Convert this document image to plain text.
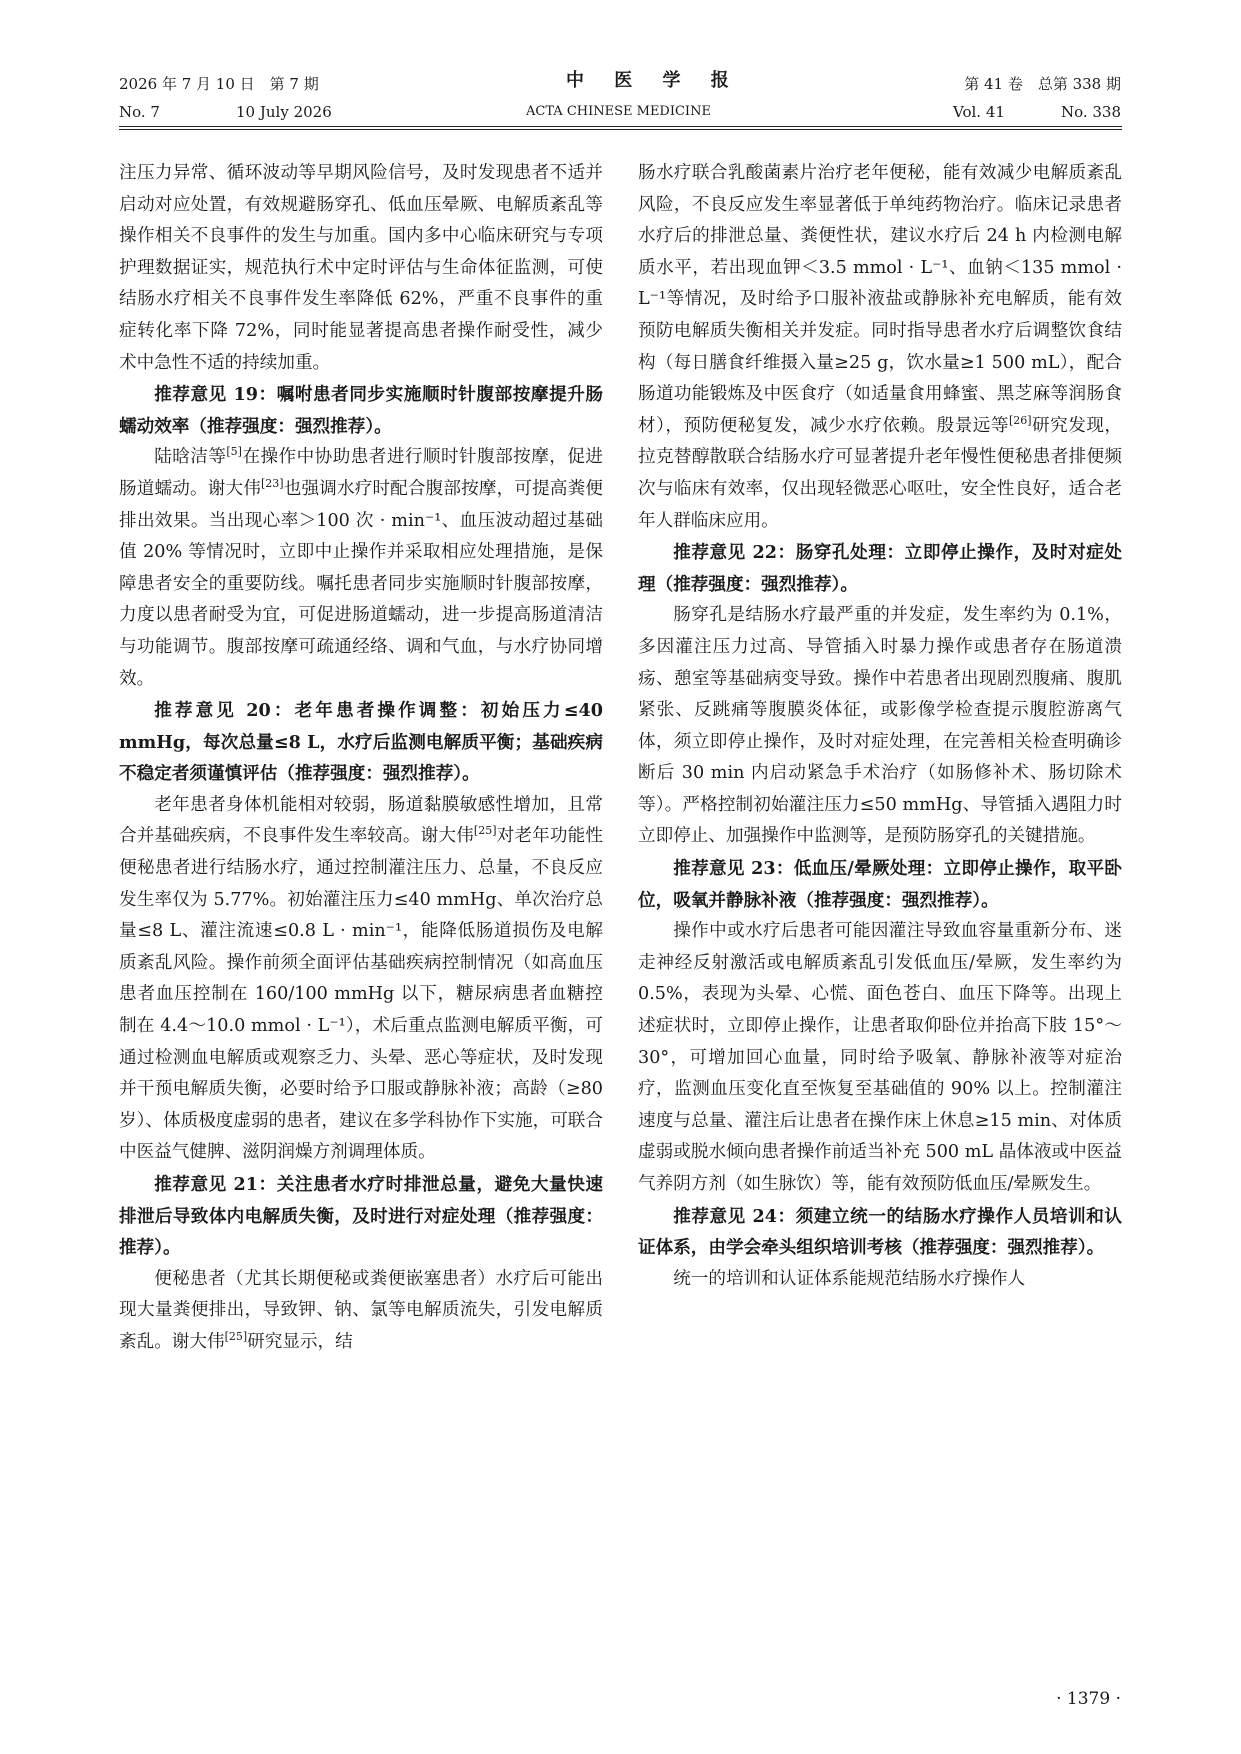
2026 年 7 月 10 日　第 7 期
No. 7	10 July 2026
中 医 学 报
ACTA CHINESE MEDICINE
第 41 卷　总第 338 期
Vol. 41	No. 338

注压力异常、循环波动等早期风险信号，及时发现患者不适并启动对应处置，有效规避肠穿孔、低血压晕厥、电解质紊乱等操作相关不良事件的发生与加重。国内多中心临床研究与专项护理数据证实，规范执行术中定时评估与生命体征监测，可使结肠水疗相关不良事件发生率降低 62%，严重不良事件的重症转化率下降 72%，同时能显著提高患者操作耐受性，减少术中急性不适的持续加重。

推荐意见 19：嘱咐患者同步实施顺时针腹部按摩提升肠蠕动效率（推荐强度：强烈推荐）。

陆晗洁等[5]在操作中协助患者进行顺时针腹部按摩，促进肠道蠕动。谢大伟[23]也强调水疗时配合腹部按摩，可提高粪便排出效果。当出现心率＞100 次 · min⁻¹、血压波动超过基础值 20% 等情况时，立即中止操作并采取相应处理措施，是保障患者安全的重要防线。嘱托患者同步实施顺时针腹部按摩，力度以患者耐受为宜，可促进肠道蠕动，进一步提高肠道清洁与功能调节。腹部按摩可疏通经络、调和气血，与水疗协同增效。

推荐意见 20：老年患者操作调整：初始压力≤40 mmHg，每次总量≤8 L，水疗后监测电解质平衡；基础疾病不稳定者须谨慎评估（推荐强度：强烈推荐）。

老年患者身体机能相对较弱，肠道黏膜敏感性增加，且常合并基础疾病，不良事件发生率较高。谢大伟[25]对老年功能性便秘患者进行结肠水疗，通过控制灌注压力、总量，不良反应发生率仅为 5.77%。初始灌注压力≤40 mmHg、单次治疗总量≤8 L、灌注流速≤0.8 L · min⁻¹，能降低肠道损伤及电解质紊乱风险。操作前须全面评估基础疾病控制情况（如高血压患者血压控制在 160/100 mmHg 以下，糖尿病患者血糖控制在 4.4～10.0 mmol · L⁻¹），术后重点监测电解质平衡，可通过检测血电解质或观察乏力、头晕、恶心等症状，及时发现并干预电解质失衡，必要时给予口服或静脉补液；高龄（≥80 岁）、体质极度虚弱的患者，建议在多学科协作下实施，可联合中医益气健脾、滋阴润燥方剂调理体质。

推荐意见 21：关注患者水疗时排泄总量，避免大量快速排泄后导致体内电解质失衡，及时进行对症处理（推荐强度：推荐）。

便秘患者（尤其长期便秘或粪便嵌塞患者）水疗后可能出现大量粪便排出，导致钾、钠、氯等电解质流失，引发电解质紊乱。谢大伟[25]研究显示，结

肠水疗联合乳酸菌素片治疗老年便秘，能有效减少电解质紊乱风险，不良反应发生率显著低于单纯药物治疗。临床记录患者水疗后的排泄总量、粪便性状，建议水疗后 24 h 内检测电解质水平，若出现血钾＜3.5 mmol · L⁻¹、血钠＜135 mmol · L⁻¹等情况，及时给予口服补液盐或静脉补充电解质，能有效预防电解质失衡相关并发症。同时指导患者水疗后调整饮食结构（每日膳食纤维摄入量≥25 g，饮水量≥1 500 mL），配合肠道功能锻炼及中医食疗（如适量食用蜂蜜、黑芝麻等润肠食材），预防便秘复发，减少水疗依赖。殷景远等[26]研究发现，拉克替醇散联合结肠水疗可显著提升老年慢性便秘患者排便频次与临床有效率，仅出现轻微恶心呕吐，安全性良好，适合老年人群临床应用。

推荐意见 22：肠穿孔处理：立即停止操作，及时对症处理（推荐强度：强烈推荐）。

肠穿孔是结肠水疗最严重的并发症，发生率约为 0.1%，多因灌注压力过高、导管插入时暴力操作或患者存在肠道溃疡、憩室等基础病变导致。操作中若患者出现剧烈腹痛、腹肌紧张、反跳痛等腹膜炎体征，或影像学检查提示腹腔游离气体，须立即停止操作，及时对症处理，在完善相关检查明确诊断后 30 min 内启动紧急手术治疗（如肠修补术、肠切除术等）。严格控制初始灌注压力≤50 mmHg、导管插入遇阻力时立即停止、加强操作中监测等，是预防肠穿孔的关键措施。

推荐意见 23：低血压/晕厥处理：立即停止操作，取平卧位，吸氧并静脉补液（推荐强度：强烈推荐）。

操作中或水疗后患者可能因灌注导致血容量重新分布、迷走神经反射激活或电解质紊乱引发低血压/晕厥，发生率约为 0.5%，表现为头晕、心慌、面色苍白、血压下降等。出现上述症状时，立即停止操作，让患者取仰卧位并抬高下肢 15°～30°，可增加回心血量，同时给予吸氧、静脉补液等对症治疗，监测血压变化直至恢复至基础值的 90% 以上。控制灌注速度与总量、灌注后让患者在操作床上休息≥15 min、对体质虚弱或脱水倾向患者操作前适当补充 500 mL 晶体液或中医益气养阴方剂（如生脉饮）等，能有效预防低血压/晕厥发生。

推荐意见 24：须建立统一的结肠水疗操作人员培训和认证体系，由学会牵头组织培训考核（推荐强度：强烈推荐）。

统一的培训和认证体系能规范结肠水疗操作人

· 1379 ·
